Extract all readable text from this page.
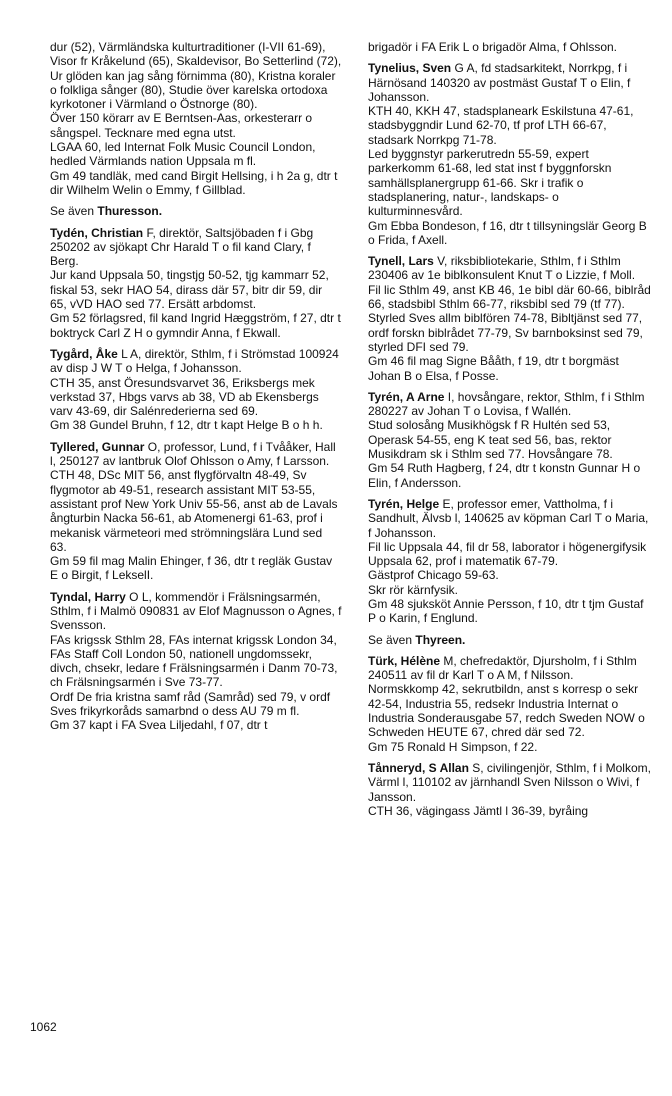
dur (52), Värmländska kulturtraditioner (I-VII 61-69), Visor fr Kråkelund (65), Skaldevisor, Bo Setterlind (72), Ur glöden kan jag sång förnimma (80), Kristna koraler o folkliga sånger (80), Studie över karelska ortodoxa kyrkotoner i Värmland o Östnorge (80).

Över 150 körarr av E Berntsen-Aas, orkesterarr o sångspel. Tecknare med egna utst.

LGAA 60, led Internat Folk Music Council London, hedled Värmlands nation Uppsala m fl.

Gm 49 tandläk, med cand Birgit Hellsing, i h 2a g, dtr t dir Wilhelm Welin o Emmy, f Gillblad.

Se även Thuresson.

Tydén, Christian F, direktör, Saltsjöbaden f i Gbg 250202 av sjökapt Chr Harald T o fil kand Clary, f Berg.

Jur kand Uppsala 50, tingstjg 50-52, tjg kammarr 52, fiskal 53, sekr HAO 54, dirass där 57, bitr dir 59, dir 65, vVD HAO sed 77. Ersätt arbdomst.

Gm 52 förlagsred, fil kand Ingrid Hæggström, f 27, dtr t boktryck Carl Z H o gymndir Anna, f Ekwall.

Tygård, Åke L A, direktör, Sthlm, f i Strömstad 100924 av disp J W T o Helga, f Johansson.

CTH 35, anst Öresundsvarvet 36, Eriksbergs mek verkstad 37, Hbgs varvs ab 38, VD ab Ekensbergs varv 43-69, dir Salénrederierna sed 69.

Gm 38 Gundel Bruhn, f 12, dtr t kapt Helge B o h h.

Tyllered, Gunnar O, professor, Lund, f i Tvååker, Hall l, 250127 av lantbruk Olof Ohlsson o Amy, f Larsson.

CTH 48, DSc MIT 56, anst flygförvaltn 48-49, Sv flygmotor ab 49-51, research assistant MIT 53-55, assistant prof New York Univ 55-56, anst ab de Lavals ångturbin Nacka 56-61, ab Atomenergi 61-63, prof i mekanisk värmeteori med strömningslära Lund sed 63.

Gm 59 fil mag Malin Ehinger, f 36, dtr t regläk Gustav E o Birgit, f LekselI.

Tyndal, Harry O L, kommendör i Frälsningsarmén, Sthlm, f i Malmö 090831 av Elof Magnusson o Agnes, f Svensson.

FAs krigssk Sthlm 28, FAs internat krigssk London 34, FAs Staff Coll London 50, nationell ungdomssekr, divch, chsekr, ledare f Frälsningsarmén i Danm 70-73, ch Frälsningsarmén i Sve 73-77.

Ordf De fria kristna samf råd (Samråd) sed 79, v ordf Sves frikyrkoråds samarbnd o dess AU 79 m fl.

Gm 37 kapt i FA Svea Liljedahl, f 07, dtr t

brigadör i FA Erik L o brigadör Alma, f Ohlsson.

Tynelius, Sven G A, fd stadsarkitekt, Norrkpg, f i Härnösand 140320 av postmäst Gustaf T o Elin, f Johansson.

KTH 40, KKH 47, stadsplaneark Eskilstuna 47-61, stadsbyggndir Lund 62-70, tf prof LTH 66-67, stadsark Norrkpg 71-78.

Led byggnstyr parkerutredn 55-59, expert parkerkomm 61-68, led stat inst f byggnforskn samhällsplanergrupp 61-66. Skr i trafik o stadsplanering, natur-, landskaps- o kulturminnesvård.

Gm Ebba Bondeson, f 16, dtr t tillsyningslär Georg B o Frida, f Axell.

Tynell, Lars V, riksbibliotekarie, Sthlm, f i Sthlm 230406 av 1e biblkonsulent Knut T o Lizzie, f Moll.

Fil lic Sthlm 49, anst KB 46, 1e bibl där 60-66, biblråd 66, stadsbibl Sthlm 66-77, riksbibl sed 79 (tf 77).

Styrled Sves allm biblfören 74-78, Bibltjänst sed 77, ordf forskn biblrådet 77-79, Sv barnboksinst sed 79, styrled DFI sed 79.

Gm 46 fil mag Signe Bååth, f 19, dtr t borgmäst Johan B o Elsa, f Posse.

Tyrén, A Arne I, hovsångare, rektor, Sthlm, f i Sthlm 280227 av Johan T o Lovisa, f Wallén.

Stud solosång Musikhögsk f R Hultén sed 53, Operask 54-55, eng K teat sed 56, bas, rektor Musikdram sk i Sthlm sed 77. Hovsångare 78.

Gm 54 Ruth Hagberg, f 24, dtr t konstn Gunnar H o Elin, f Andersson.

Tyrén, Helge E, professor emer, Vattholma, f i Sandhult, Älvsb l, 140625 av köpman Carl T o Maria, f Johansson.

Fil lic Uppsala 44, fil dr 58, laborator i högenergifysik Uppsala 62, prof i matematik 67-79.

Gästprof Chicago 59-63.

Skr rör kärnfysik.

Gm 48 sjuksköt Annie Persson, f 10, dtr t tjm Gustaf P o Karin, f Englund.

Se även Thyreen.

Türk, Hélène M, chefredaktör, Djursholm, f i Sthlm 240511 av fil dr Karl T o A M, f Nilsson.

Normskkomp 42, sekrutbildn, anst s korresp o sekr 42-54, Industria 55, redsekr Industria Internat o Industria Sonderausgabe 57, redch Sweden NOW o Schweden HEUTE 67, chred där sed 72.

Gm 75 Ronald H Simpson, f 22.

Tånneryd, S Allan S, civilingenjör, Sthlm, f i Molkom, Värml l, 110102 av järnhandl Sven Nilsson o Wivi, f Jansson.

CTH 36, vägingass Jämtl l 36-39, byråing

1062
